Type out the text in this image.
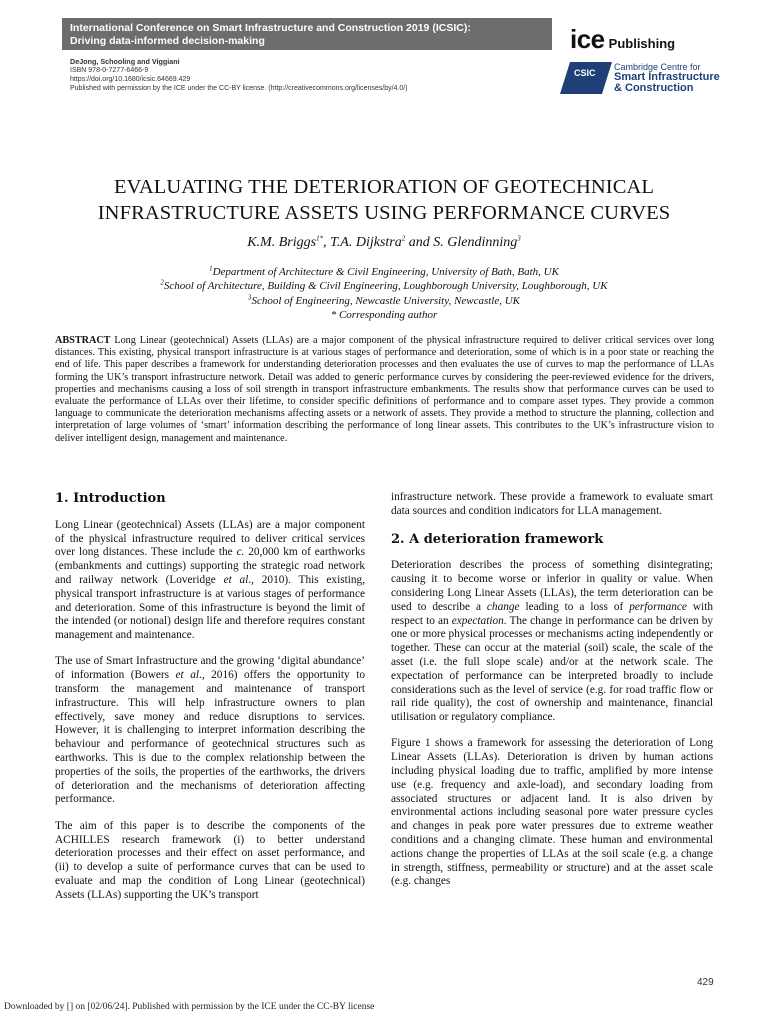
International Conference on Smart Infrastructure and Construction 2019 (ICSIC):
Driving data-informed decision-making
DeJong, Schooling and Viggiani
ISBN 978-0-7277-6466-9
https://doi.org/10.1680/icsic.64669.429
Published with permission by the ICE under the CC-BY license. (http://creativecommons.org/licenses/by/4.0/)
ice Publishing
CSIC
Cambridge Centre for
Smart Infrastructure
& Construction
EVALUATING THE DETERIORATION OF GEOTECHNICAL
INFRASTRUCTURE ASSETS USING PERFORMANCE CURVES
K.M. Briggs$^{1*}$, T.A. Dijkstra$^2$ and S. Glendinning$^3$
$^1$Department of Architecture & Civil Engineering, University of Bath, Bath, UK
$^2$School of Architecture, Building & Civil Engineering, Loughborough University, Loughborough, UK
$^3$School of Engineering, Newcastle University, Newcastle, UK
* Corresponding author
ABSTRACT Long Linear (geotechnical) Assets (LLAs) are a major component of the physical infrastructure required to deliver critical services over long distances. This existing, physical transport infrastructure is at various stages of performance and deterioration, some of which is in a poor state or reaching the end of life. This paper describes a framework for understanding deterioration processes and then evaluates the use of curves to map the performance of LLAs forming the UK’s transport infrastructure network. Detail was added to generic performance curves by considering the peer-reviewed evidence for the drivers, properties and mechanisms causing a loss of soil strength in transport infrastructure embankments. The results show that performance curves can be used to evaluate the performance of LLAs over their lifetime, to consider specific definitions of performance and to compare asset types. They provide a common language to communicate the deterioration mechanisms affecting assets or a network of assets. They provide a method to structure the planning, collection and interpretation of large volumes of ‘smart’ information describing the performance of long linear assets. This contributes to the UK’s infrastructure vision to deliver intelligent design, management and maintenance.
1. Introduction

Long Linear (geotechnical) Assets (LLAs) are a major component of the physical infrastructure required to deliver critical services over long distances. These include the c. 20,000 km of earthworks (embankments and cuttings) supporting the strategic road network and railway network (Loveridge et al., 2010). This existing, physical transport infrastructure is at various stages of performance and deterioration. Some of this infrastructure is beyond the limit of the intended (or notional) design life and therefore requires constant management and maintenance.

The use of Smart Infrastructure and the growing ‘digital abundance’ of information (Bowers et al., 2016) offers the opportunity to transform the management and maintenance of transport infrastructure. This will help infrastructure owners to plan effectively, save money and reduce disruptions to services. However, it is challenging to interpret information describing the behaviour and performance of geotechnical structures such as earthworks. This is due to the complex relationship between the properties of the soils, the properties of the earthworks, the drivers of deterioration and the mechanisms of deterioration affecting performance.

The aim of this paper is to describe the components of the ACHILLES research framework (i) to better understand deterioration processes and their effect on asset performance, and (ii) to develop a suite of performance curves that can be used to evaluate and map the condition of Long Linear (geotechnical) Assets (LLAs) supporting the UK’s transport

infrastructure network. These provide a framework to evaluate smart data sources and condition indicators for LLA management.

2. A deterioration framework

Deterioration describes the process of something disintegrating; causing it to become worse or inferior in quality or value. When considering Long Linear Assets (LLAs), the term deterioration can be used to describe a change leading to a loss of performance with respect to an expectation. The change in performance can be driven by one or more physical processes or mechanisms acting independently or together. These can occur at the material (soil) scale, the scale of the asset (i.e. the full slope scale) and/or at the network scale. The expectation of performance can be interpreted broadly to include considerations such as the level of service (e.g. for road traffic flow or rail ride quality), the cost of ownership and maintenance, financial utilisation or regulatory compliance.

Figure 1 shows a framework for assessing the deterioration of Long Linear Assets (LLAs). Deterioration is driven by human actions including physical loading due to traffic, amplified by more intense use (e.g. frequency and axle-load), and secondary loading from associated structures or adjacent land. It is also driven by environmental actions including seasonal pore water pressure cycles and changes in peak pore water pressures due to extreme weather conditions and a changing climate. These human and environmental actions change the properties of LLAs at the soil scale (e.g. a change in strength, stiffness, permeability or structure) and at the asset scale (e.g. changes

429
Downloaded by [] on [02/06/24]. Published with permission by the ICE under the CC-BY license
